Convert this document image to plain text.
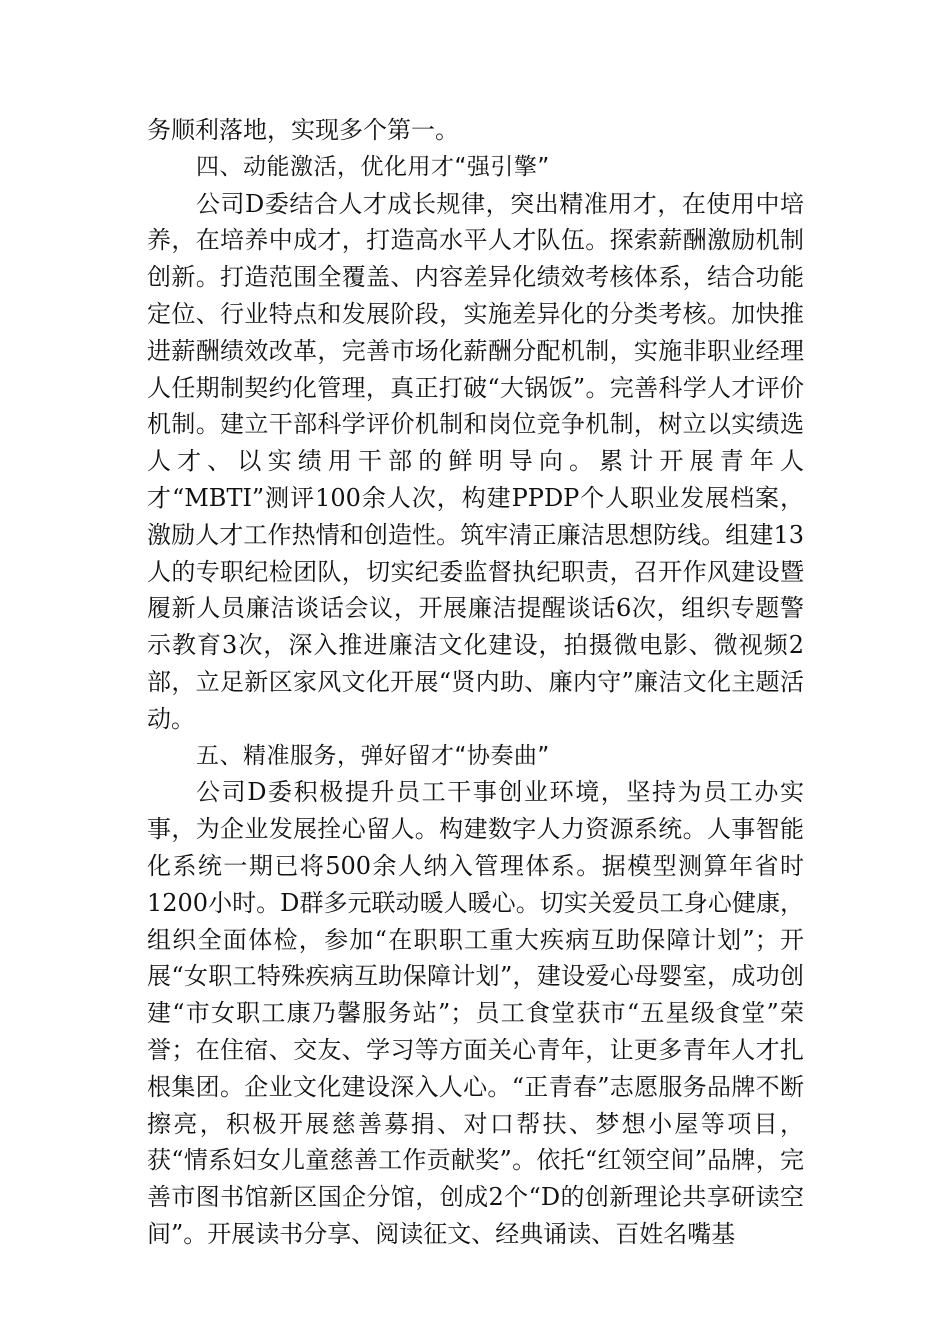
务顺利落地，实现多个第一。

四、动能激活，优化用才“强引擎”

公司D委结合人才成长规律，突出精准用才，在使用中培养，在培养中成才，打造高水平人才队伍。探索薪酬激励机制创新。打造范围全覆盖、内容差异化绩效考核体系，结合功能定位、行业特点和发展阶段，实施差异化的分类考核。加快推进薪酬绩效改革，完善市场化薪酬分配机制，实施非职业经理人任期制契约化管理，真正打破“大锅饭”。完善科学人才评价机制。建立干部科学评价机制和岗位竞争机制，树立以实绩选人才、以实绩用干部的鲜明导向。累计开展青年人才“MBTI”测评100余人次，构建PPDP个人职业发展档案，激励人才工作热情和创造性。筑牢清正廉洁思想防线。组建13人的专职纪检团队，切实纪委监督执纪职责，召开作风建设暨履新人员廉洁谈话会议，开展廉洁提醒谈话6次，组织专题警示教育3次，深入推进廉洁文化建设，拍摄微电影、微视频2部，立足新区家风文化开展“贤内助、廉内守”廉洁文化主题活动。

五、精准服务，弹好留才“协奏曲”

公司D委积极提升员工干事创业环境，坚持为员工办实事，为企业发展拴心留人。构建数字人力资源系统。人事智能化系统一期已将500余人纳入管理体系。据模型测算年省时1200小时。D群多元联动暖人暖心。切实关爱员工身心健康，组织全面体检，参加“在职职工重大疾病互助保障计划”；开展“女职工特殊疾病互助保障计划”，建设爱心母婴室，成功创建“市女职工康乃馨服务站”；员工食堂获市“五星级食堂”荣誉；在住宿、交友、学习等方面关心青年，让更多青年人才扎根集团。企业文化建设深入人心。“正青春”志愿服务品牌不断擦亮，积极开展慈善募捐、对口帮扶、梦想小屋等项目，获“情系妇女儿童慈善工作贡献奖”。依托“红领空间”品牌，完善市图书馆新区国企分馆，创成2个“D的创新理论共享研读空间”。开展读书分享、阅读征文、经典诵读、百姓名嘴基
